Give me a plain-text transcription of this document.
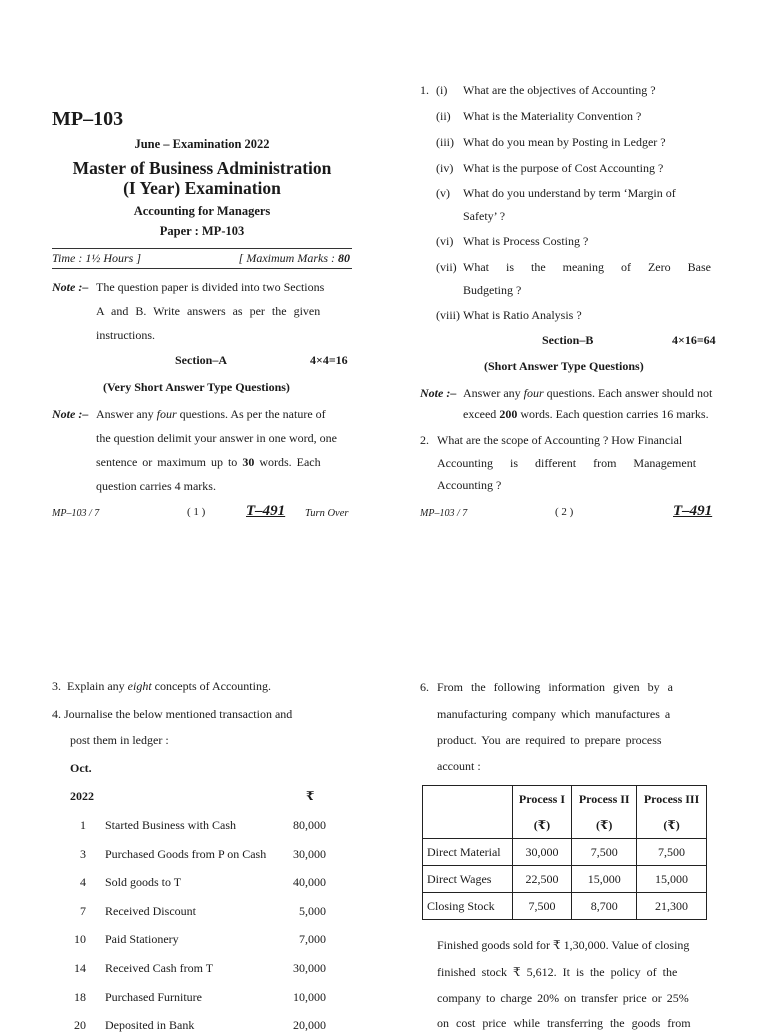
MP–103
June – Examination 2022
Master of Business Administration
(I Year) Examination
Accounting for Managers
Paper : MP-103
Time : 1½ Hours ]	[ Maximum Marks : 80
Note :– The question paper is divided into two Sections
A and B. Write answers as per the given
instructions.
Section–A	4×4=16
(Very Short Answer Type Questions)
Note :– Answer any four questions. As per the nature of
the question delimit your answer in one word, one
sentence or maximum up to 30 words. Each
question carries 4 marks.
MP–103 / 7	( 1 )	T–491 Turn Over
1.
Section–B	4×16=64
(Short Answer Type Questions)
Note :– Answer any four questions. Each answer should not
exceed 200 words. Each question carries 16 marks.
2. What are the scope of Accounting ? How Financial
Accounting is different from Management
Accounting ?
MP–103 / 7	( 2 )	T–491
(i) What are the objectives of Accounting ?
(ii) What is the Materiality Convention ?
(iii) What do you mean by Posting in Ledger ?
(iv) What is the purpose of Cost Accounting ?
(v) What do you understand by term ‘Margin of
Safety’ ?
(vi) What is Process Costing ?
(vii) What is the meaning of Zero Base
Budgeting ?
(viii) What is Ratio Analysis ?
3.  Explain any eight concepts of Accounting.
4. Journalise the below mentioned transaction and
post them in ledger :
Oct.
2022	₹
1 Started Business with Cash	80,000
3 Purchased Goods from P on Cash 30,000
4 Sold goods to T	40,000
7 Received Discount	5,000
10 Paid Stationery	7,000
14 Received Cash from T	30,000
18 Purchased Furniture	10,000
20 Deposited in Bank	20,000
6. From the following information given by a
manufacturing company which manufactures a
product. You are required to prepare process
account :
	Process I	Process II	Process III
	(₹)	(₹)	(₹)
Direct Material	30,000	7,500	7,500
Direct Wages	22,500	15,000	15,000
Closing Stock	7,500	8,700	21,300
Finished goods sold for ₹ 1,30,000. Value of closing
finished stock ₹ 5,612. It is the policy of the
company to charge 20% on transfer price or 25%
on cost price while transferring the goods from
